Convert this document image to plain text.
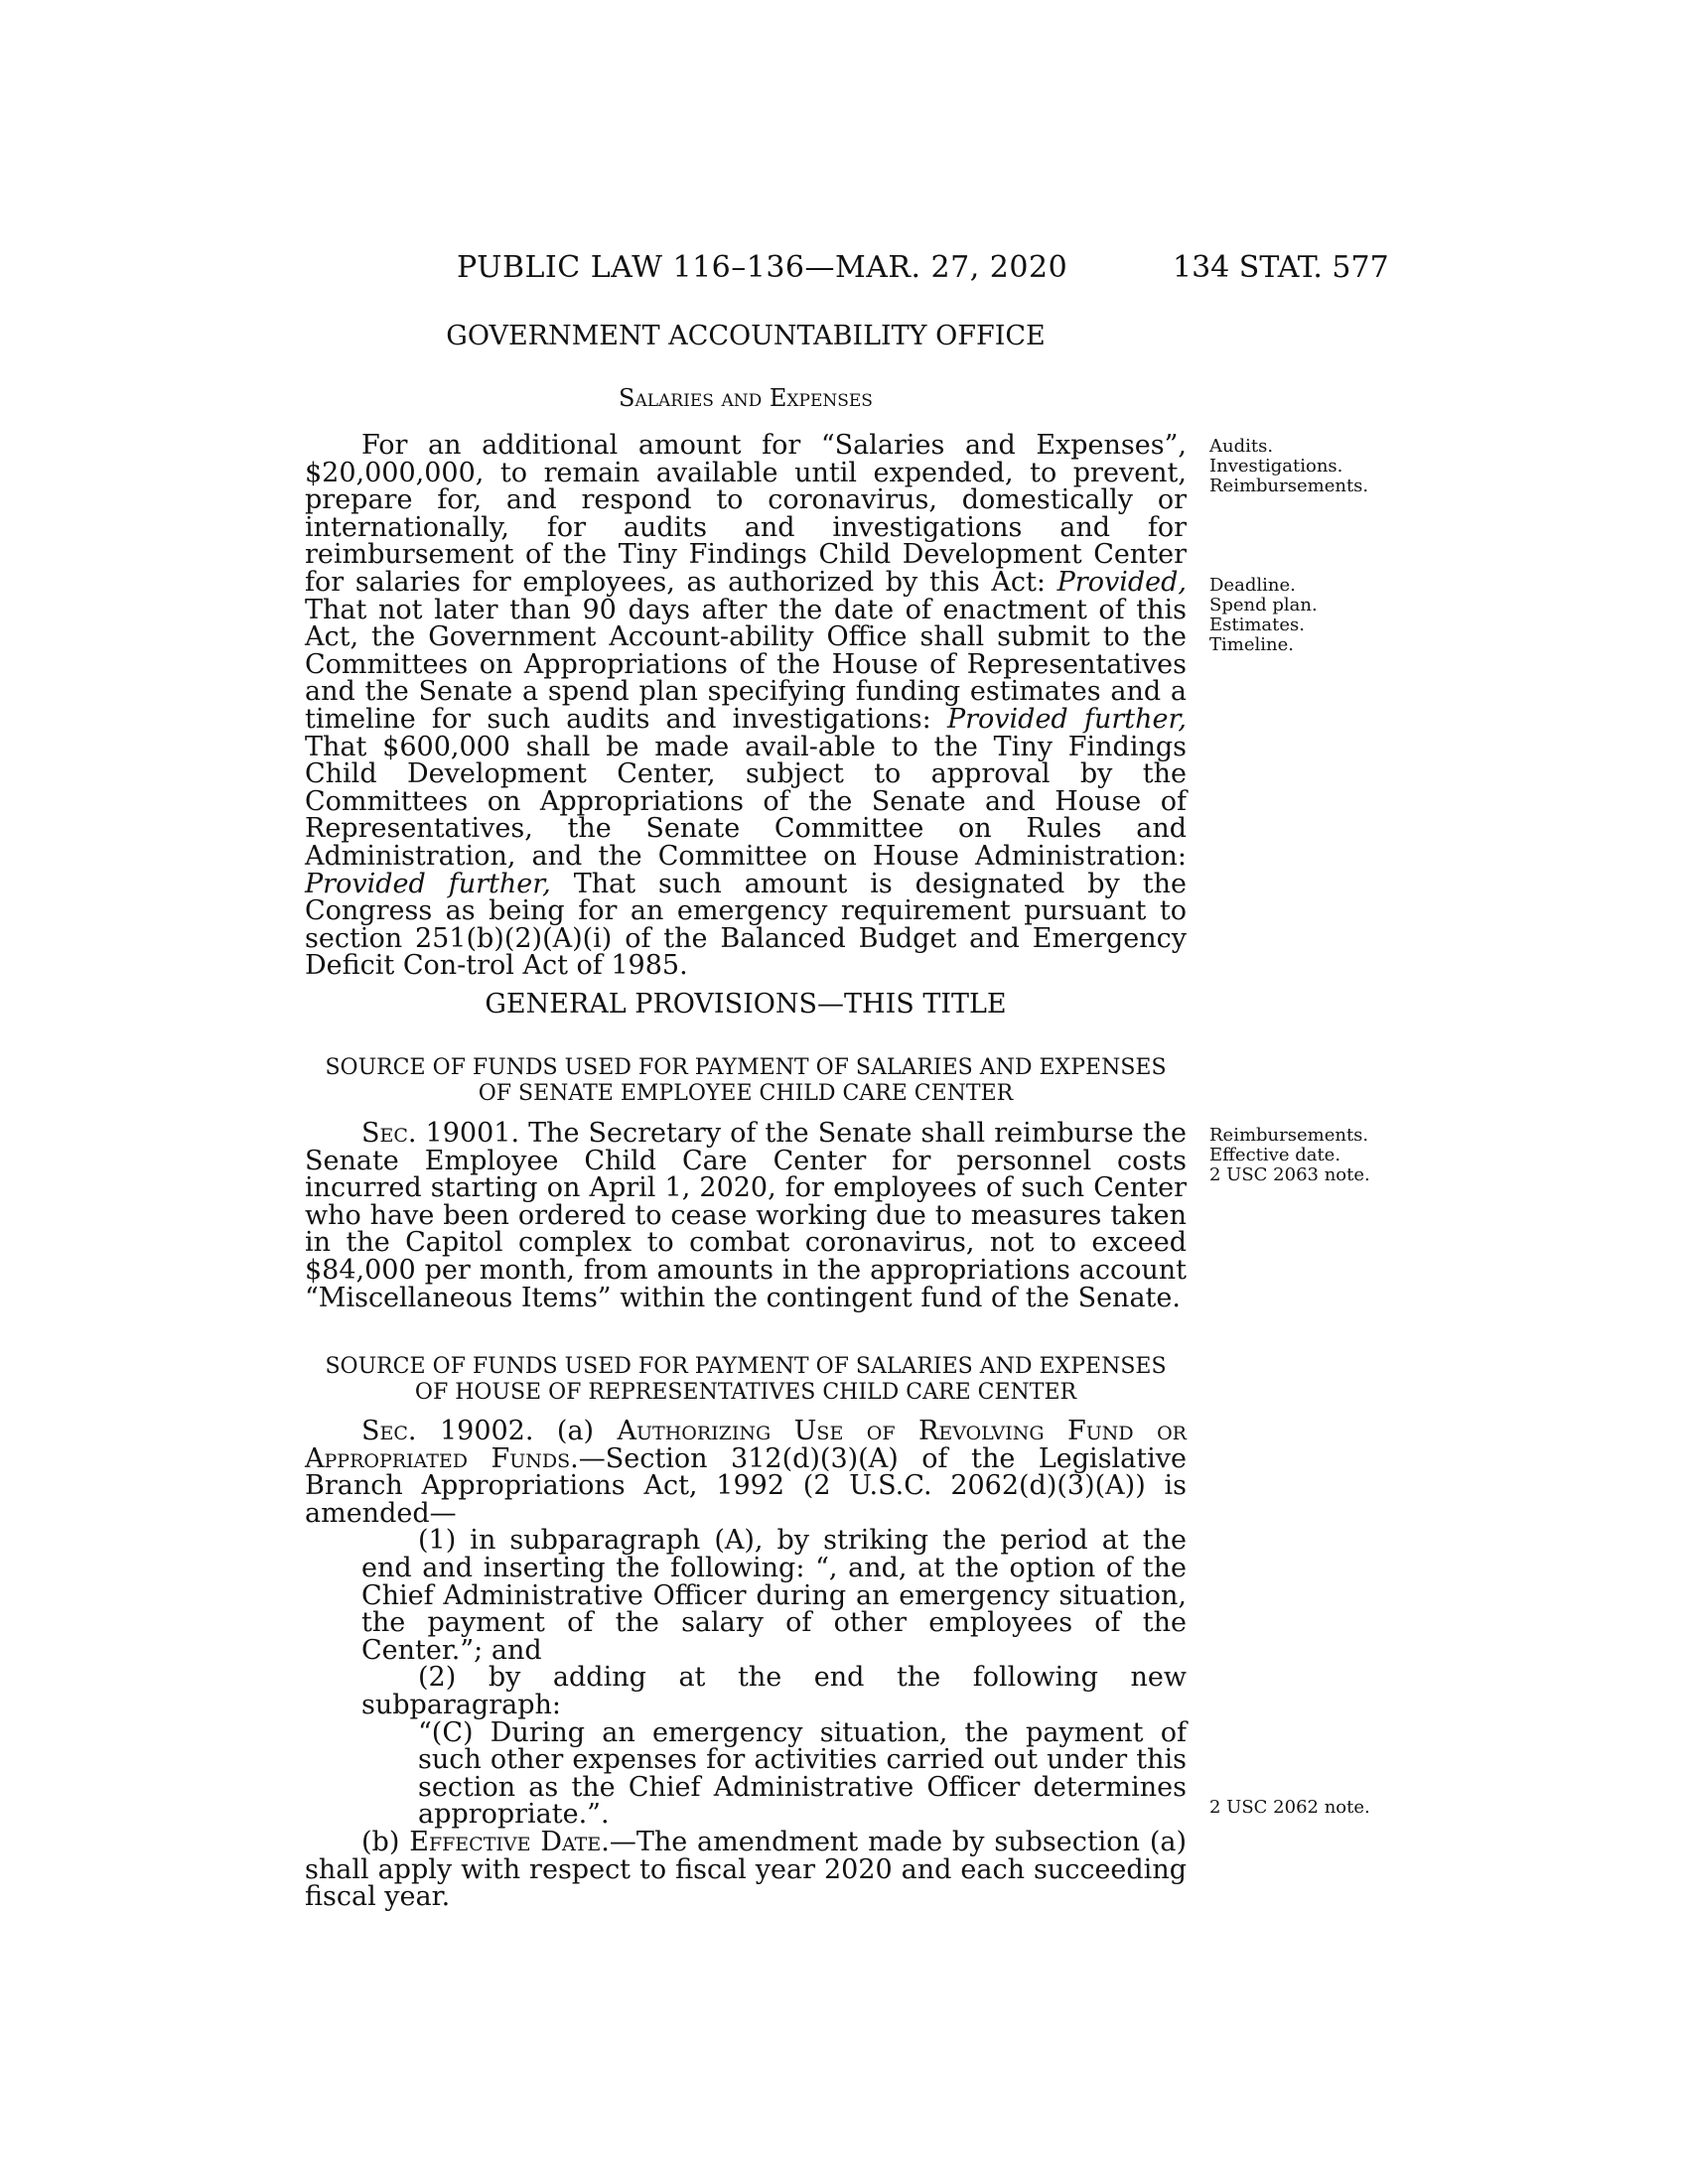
PUBLIC LAW 116–136—MAR. 27, 2020	134 STAT. 577
GOVERNMENT ACCOUNTABILITY OFFICE
Salaries and Expenses

For an additional amount for “Salaries and Expenses”, $20,000,000, to remain available until expended, to prevent, prepare for, and respond to coronavirus, domestically or internationally, for audits and investigations and for reimbursement of the Tiny Findings Child Development Center for salaries for employees, as authorized by this Act: Provided, That not later than 90 days after the date of enactment of this Act, the Government Account-ability Office shall submit to the Committees on Appropriations of the House of Representatives and the Senate a spend plan specifying funding estimates and a timeline for such audits and investigations: Provided further, That $600,000 shall be made avail-able to the Tiny Findings Child Development Center, subject to approval by the Committees on Appropriations of the Senate and House of Representatives, the Senate Committee on Rules and Administration, and the Committee on House Administration: Provided further, That such amount is designated by the Congress as being for an emergency requirement pursuant to section 251(b)(2)(A)(i) of the Balanced Budget and Emergency Deficit Con-trol Act of 1985.

Audits.
Investigations.
Reimbursements.
Deadline.
Spend plan.
Estimates.
Timeline.
GENERAL PROVISIONS—THIS TITLE
SOURCE OF FUNDS USED FOR PAYMENT OF SALARIES AND EXPENSES
OF SENATE EMPLOYEE CHILD CARE CENTER

Sec. 19001. The Secretary of the Senate shall reimburse the Senate Employee Child Care Center for personnel costs incurred starting on April 1, 2020, for employees of such Center who have been ordered to cease working due to measures taken in the Capitol complex to combat coronavirus, not to exceed $84,000 per month, from amounts in the appropriations account “Miscellaneous Items” within the contingent fund of the Senate.

Reimbursements.
Effective date.
2 USC 2063 note.
SOURCE OF FUNDS USED FOR PAYMENT OF SALARIES AND EXPENSES
OF HOUSE OF REPRESENTATIVES CHILD CARE CENTER

Sec. 19002. (a) Authorizing Use of Revolving Fund or Appropriated Funds.—Section 312(d)(3)(A) of the Legislative Branch Appropriations Act, 1992 (2 U.S.C. 2062(d)(3)(A)) is amended—

(1) in subparagraph (A), by striking the period at the end and inserting the following: “, and, at the option of the Chief Administrative Officer during an emergency situation, the payment of the salary of other employees of the Center.”; and

(2) by adding at the end the following new subparagraph:

“(C) During an emergency situation, the payment of such other expenses for activities carried out under this section as the Chief Administrative Officer determines appropriate.”.

(b) Effective Date.—The amendment made by subsection (a) shall apply with respect to fiscal year 2020 and each succeeding fiscal year.

2 USC 2062 note.
